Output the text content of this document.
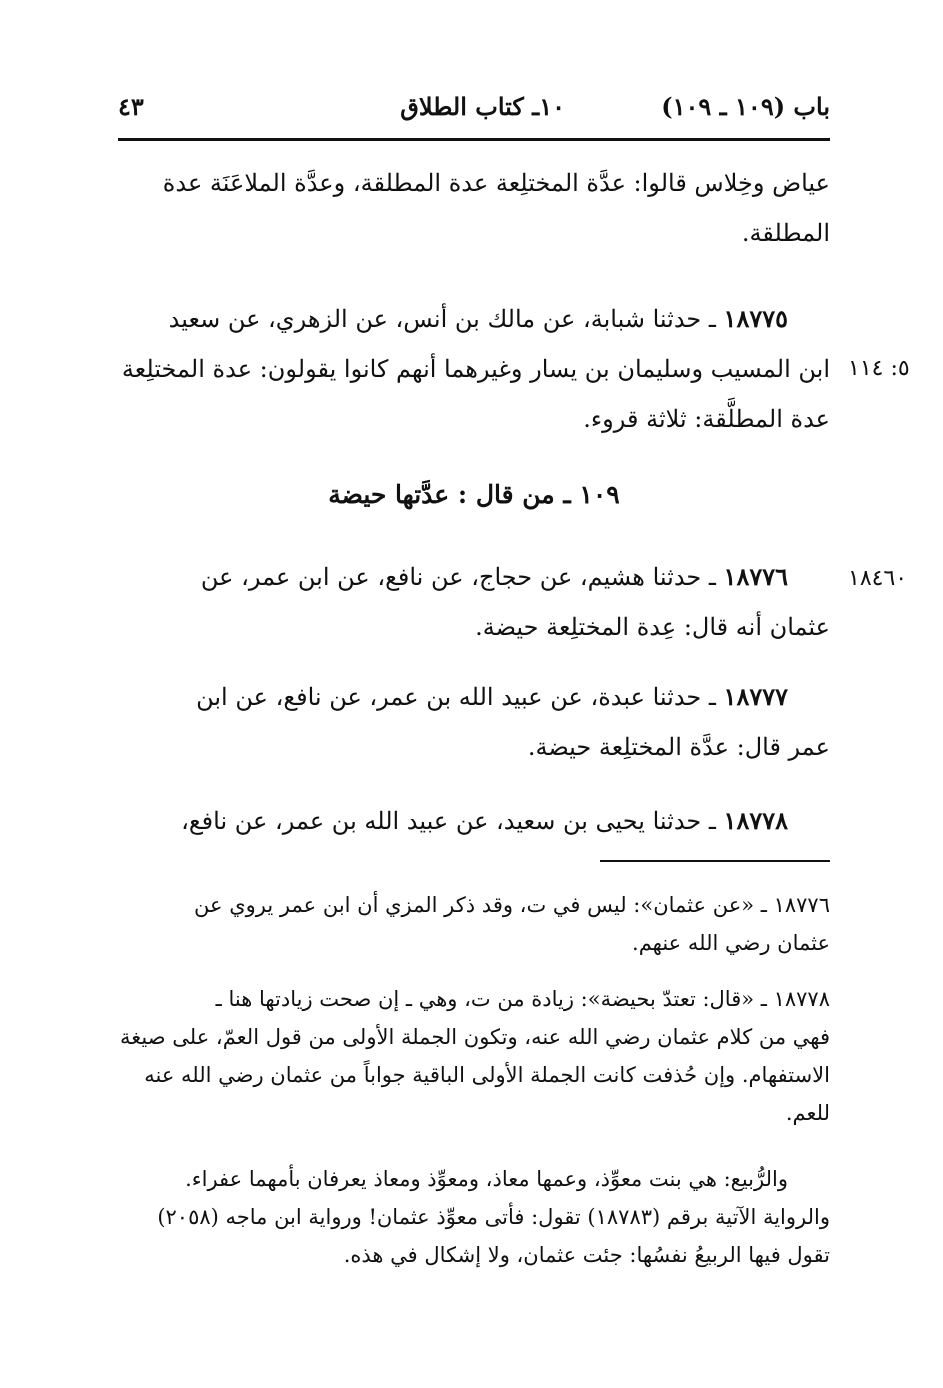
باب (١٠٩ ـ ١٠٩)
١٠ـ كتاب الطلاق
٤٣
عياض وخِلاس قالوا: عدَّة المختلِعة عدة المطلقة، وعدَّة الملاعَنَة عدة
المطلقة.
١٨٧٧٥ ـ حدثنا شبابة، عن مالك بن أنس، عن الزهري، عن سعيد
ابن المسيب وسليمان بن يسار وغيرهما أنهم كانوا يقولون: عدة المختلِعة
عدة المطلَّقة: ثلاثة قروء.
٥: ١١٤
١٠٩ ـ من قال : عدَّتها حيضة
١٨٧٧٦ ـ حدثنا هشيم، عن حجاج، عن نافع، عن ابن عمر، عن
عثمان أنه قال: عِدة المختلِعة حيضة.
١٨٤٦٠
١٨٧٧٧ ـ حدثنا عبدة، عن عبيد الله بن عمر، عن نافع، عن ابن
عمر قال: عدَّة المختلِعة حيضة.
١٨٧٧٨ ـ حدثنا يحيى بن سعيد، عن عبيد الله بن عمر، عن نافع،
١٨٧٧٦ ـ «عن عثمان»: ليس في ت، وقد ذكر المزي أن ابن عمر يروي عن
عثمان رضي الله عنهم.
١٨٧٧٨ ـ «قال: تعتدّ بحيضة»: زيادة من ت، وهي ـ إن صحت زيادتها هنا ـ
فهي من كلام عثمان رضي الله عنه، وتكون الجملة الأولى من قول العمّ، على صيغة
الاستفهام. وإن حُذفت كانت الجملة الأولى الباقية جواباً من عثمان رضي الله عنه
للعم.
والرُّبيع: هي بنت معوِّذ، وعمها معاذ، ومعوِّذ ومعاذ يعرفان بأمهما عفراء.
والرواية الآتية برقم (١٨٧٨٣) تقول: فأتى معوِّذ عثمان! ورواية ابن ماجه (٢٠٥٨)
تقول فيها الربيعُ نفسُها: جئت عثمان، ولا إشكال في هذه.
